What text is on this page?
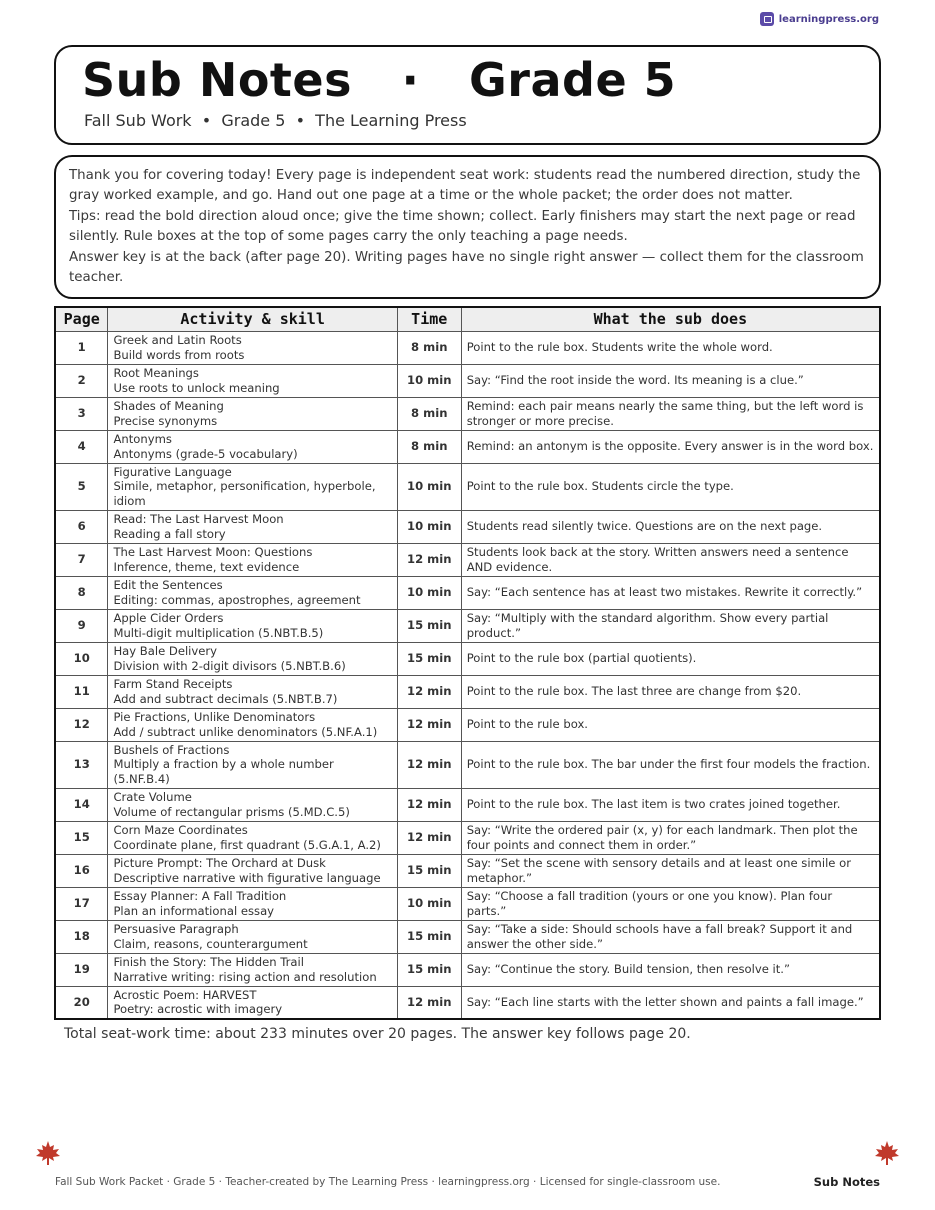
learningpress.org
Sub Notes   ·   Grade 5
Fall Sub Work  •  Grade 5  •  The Learning Press

Thank you for covering today! Every page is independent seat work: students read the numbered direction, study the gray worked example, and go. Hand out one page at a time or the whole packet; the order does not matter.

Tips: read the bold direction aloud once; give the time shown; collect. Early finishers may start the next page or read silently. Rule boxes at the top of some pages carry the only teaching a page needs.

Answer key is at the back (after page 20). Writing pages have no single right answer — collect them for the classroom teacher.

Page	Activity & skill	Time	What the sub does
1	Greek and Latin Roots
Build words from roots	8 min	Point to the rule box. Students write the whole word.
2	Root Meanings
Use roots to unlock meaning	10 min	Say: “Find the root inside the word. Its meaning is a clue.”
3	Shades of Meaning
Precise synonyms	8 min	Remind: each pair means nearly the same thing, but the left word is stronger or more precise.
4	Antonyms
Antonyms (grade-5 vocabulary)	8 min	Remind: an antonym is the opposite. Every answer is in the word box.
5	Figurative Language
Simile, metaphor, personification, hyperbole, idiom	10 min	Point to the rule box. Students circle the type.
6	Read: The Last Harvest Moon
Reading a fall story	10 min	Students read silently twice. Questions are on the next page.
7	The Last Harvest Moon: Questions
Inference, theme, text evidence	12 min	Students look back at the story. Written answers need a sentence AND evidence.
8	Edit the Sentences
Editing: commas, apostrophes, agreement	10 min	Say: “Each sentence has at least two mistakes. Rewrite it correctly.”
9	Apple Cider Orders
Multi-digit multiplication (5.NBT.B.5)	15 min	Say: “Multiply with the standard algorithm. Show every partial product.”
10	Hay Bale Delivery
Division with 2-digit divisors (5.NBT.B.6)	15 min	Point to the rule box (partial quotients).
11	Farm Stand Receipts
Add and subtract decimals (5.NBT.B.7)	12 min	Point to the rule box. The last three are change from $20.
12	Pie Fractions, Unlike Denominators
Add / subtract unlike denominators (5.NF.A.1)	12 min	Point to the rule box.
13	Bushels of Fractions
Multiply a fraction by a whole number (5.NF.B.4)	12 min	Point to the rule box. The bar under the first four models the fraction.
14	Crate Volume
Volume of rectangular prisms (5.MD.C.5)	12 min	Point to the rule box. The last item is two crates joined together.
15	Corn Maze Coordinates
Coordinate plane, first quadrant (5.G.A.1, A.2)	12 min	Say: “Write the ordered pair (x, y) for each landmark. Then plot the four points and connect them in order.”
16	Picture Prompt: The Orchard at Dusk
Descriptive narrative with figurative language	15 min	Say: “Set the scene with sensory details and at least one simile or metaphor.”
17	Essay Planner: A Fall Tradition
Plan an informational essay	10 min	Say: “Choose a fall tradition (yours or one you know). Plan four parts.”
18	Persuasive Paragraph
Claim, reasons, counterargument	15 min	Say: “Take a side: Should schools have a fall break? Support it and answer the other side.”
19	Finish the Story: The Hidden Trail
Narrative writing: rising action and resolution	15 min	Say: “Continue the story. Build tension, then resolve it.”
20	Acrostic Poem: HARVEST
Poetry: acrostic with imagery	12 min	Say: “Each line starts with the letter shown and paints a fall image.”
Total seat-work time: about 233 minutes over 20 pages. The answer key follows page 20.
Fall Sub Work Packet · Grade 5 · Teacher-created by The Learning Press · learningpress.org · Licensed for single-classroom use.	Sub Notes
